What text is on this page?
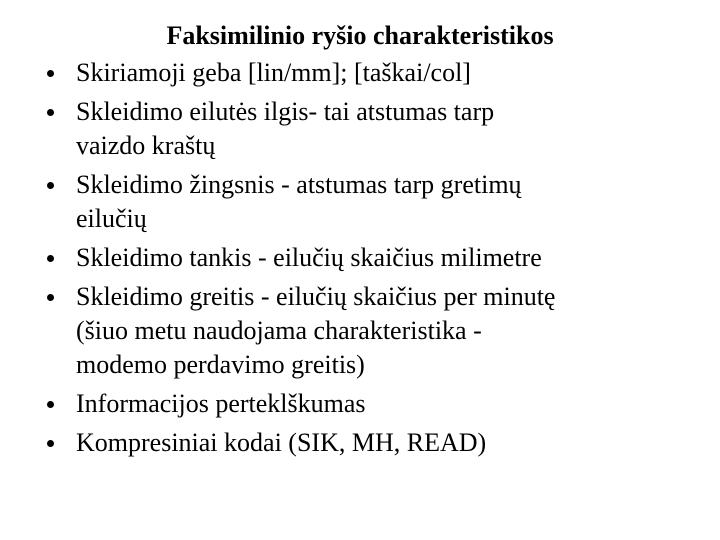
Faksimilinio ryšio charakteristikos
Skiriamoji geba [lin/mm]; [taškai/col]
Skleidimo eilutės ilgis- tai atstumas tarp
vaizdo kraštų
Skleidimo žingsnis - atstumas tarp gretimų
eilučių
Skleidimo tankis - eilučių skaičius milimetre
Skleidimo greitis - eilučių skaičius per minutę
(šiuo metu naudojama charakteristika -
modemo perdavimo greitis)
Informacijos perteklškumas
Kompresiniai kodai (SIK, MH, READ)
